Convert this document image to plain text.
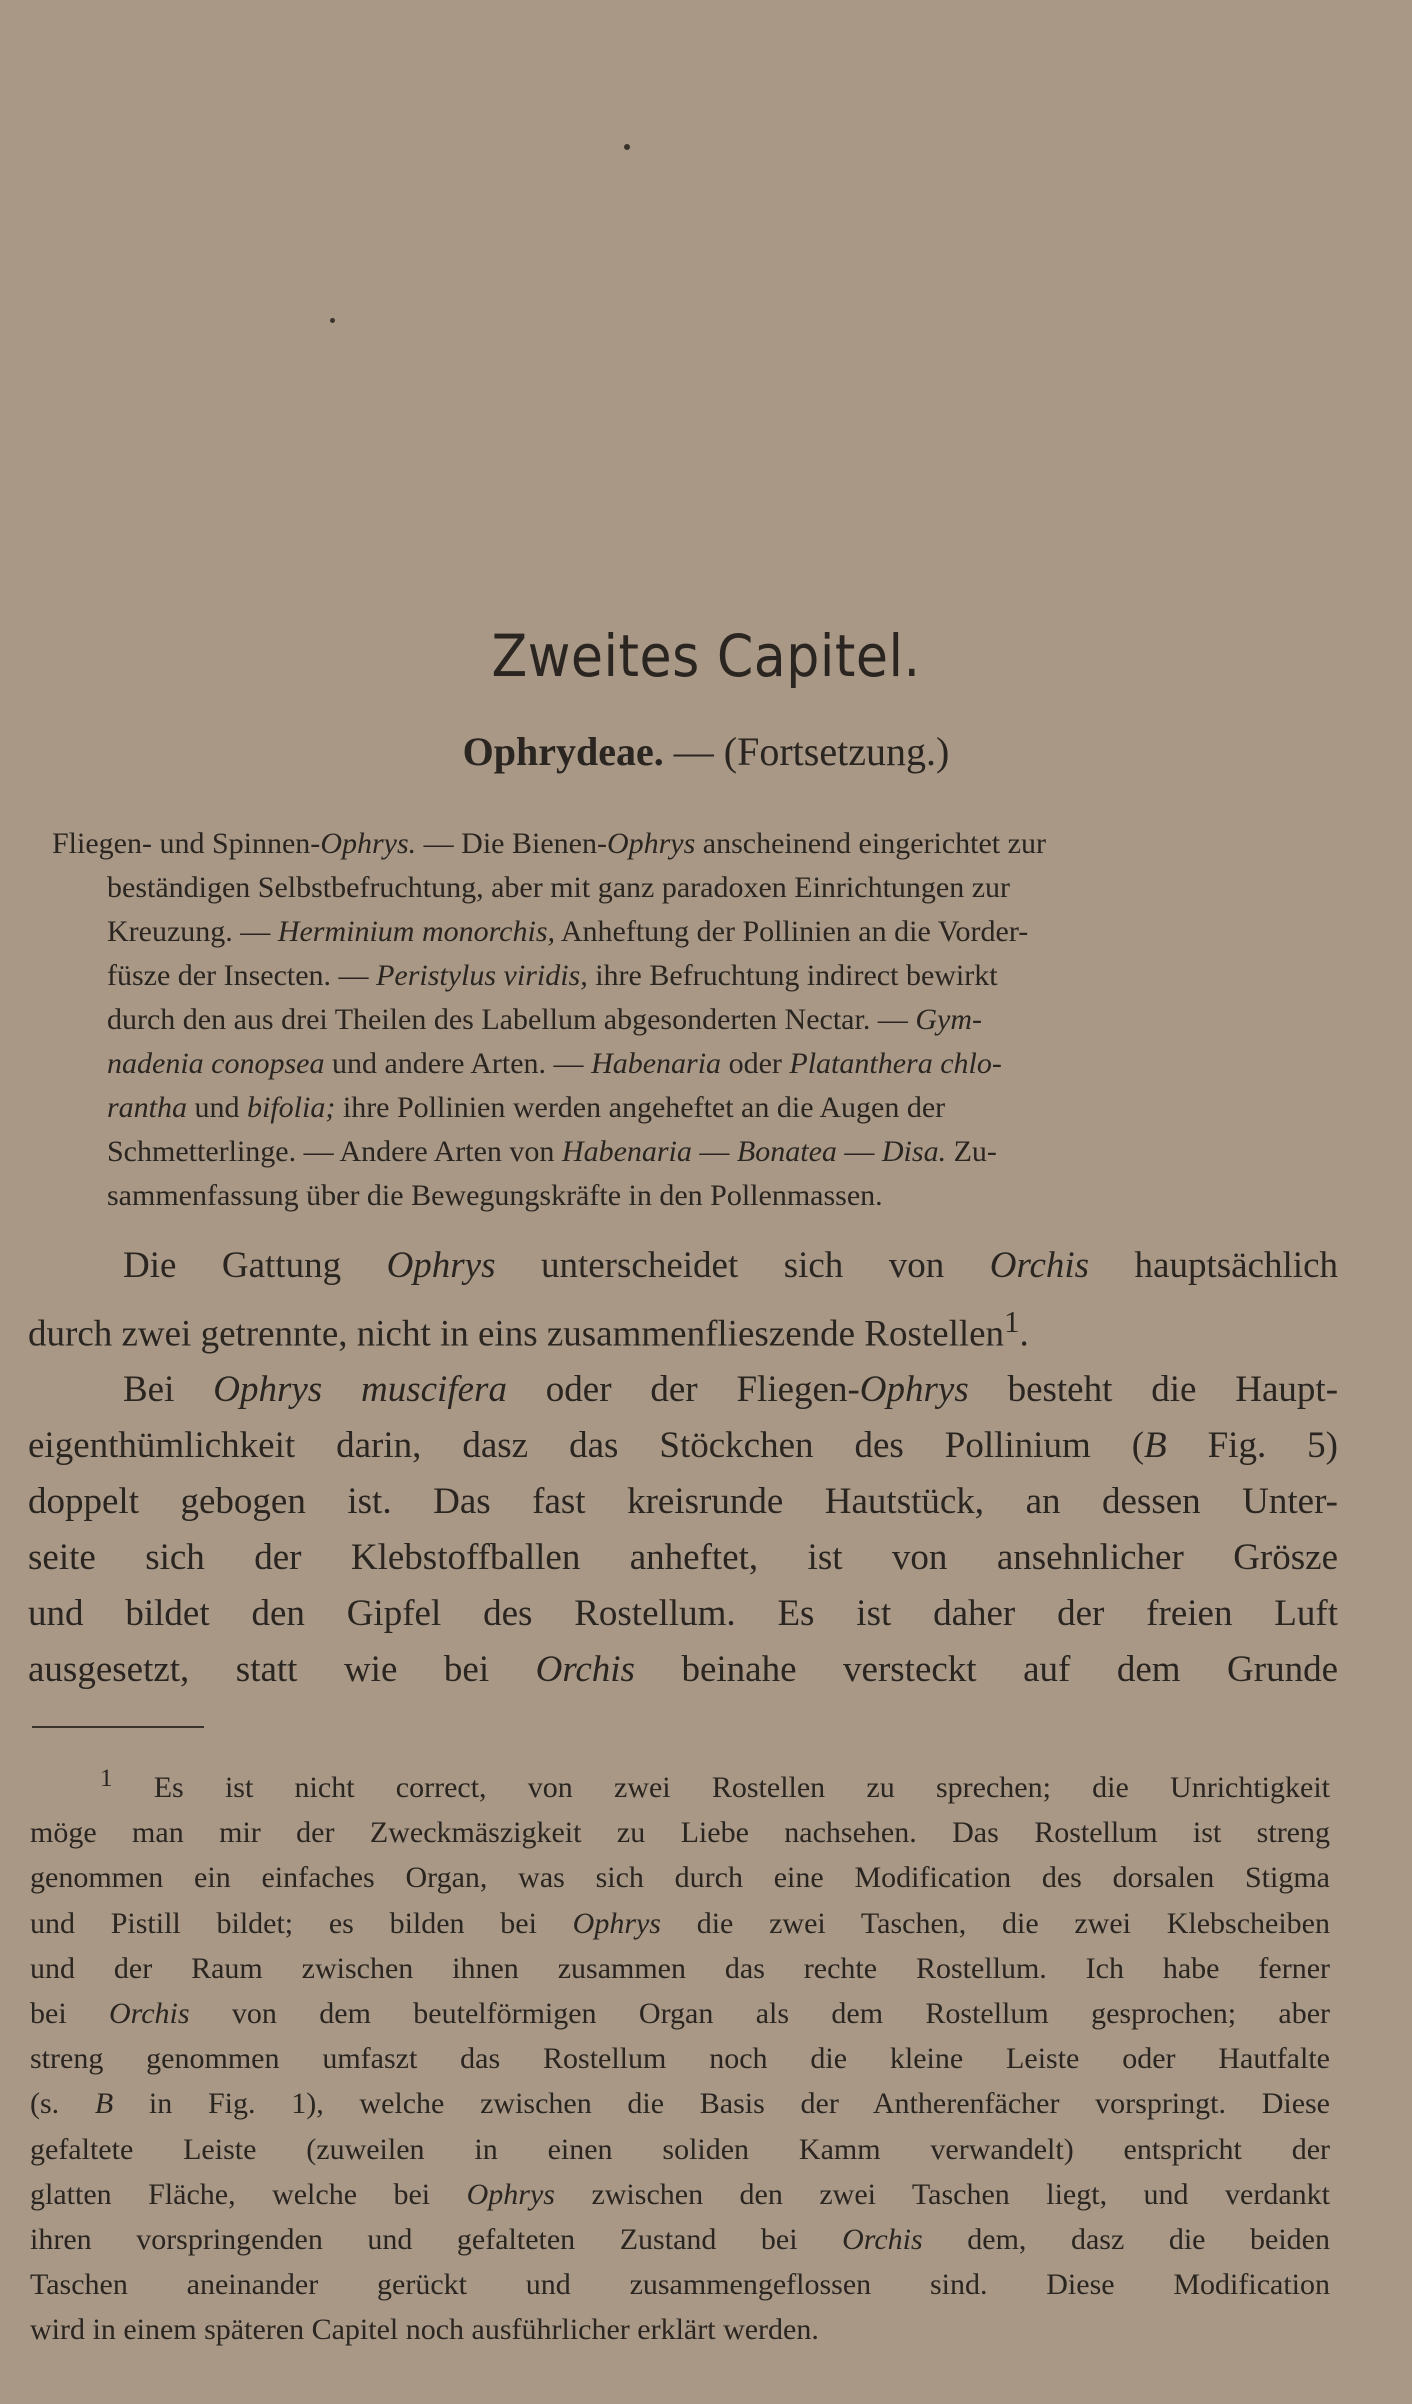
Zweites Capitel.
Ophrydeae. — (Fortsetzung.)
Fliegen- und Spinnen-Ophrys. — Die Bienen-Ophrys anscheinend eingerichtet zur
beständigen Selbstbefruchtung, aber mit ganz paradoxen Einrichtungen zur
Kreuzung. — Herminium monorchis, Anheftung der Pollinien an die Vorder-
füsze der Insecten. — Peristylus viridis, ihre Befruchtung indirect bewirkt
durch den aus drei Theilen des Labellum abgesonderten Nectar. — Gym-
nadenia conopsea und andere Arten. — Habenaria oder Platanthera chlo-
rantha und bifolia; ihre Pollinien werden angeheftet an die Augen der
Schmetterlinge. — Andere Arten von Habenaria — Bonatea — Disa. Zu-
sammenfassung über die Bewegungskräfte in den Pollenmassen.
Die Gattung Ophrys unterscheidet sich von Orchis hauptsächlich
durch zwei getrennte, nicht in eins zusammenflieszende Rostellen$^1$.
Bei Ophrys muscifera oder der Fliegen-Ophrys besteht die Haupt-
eigenthümlichkeit darin, dasz das Stöckchen des Pollinium (B Fig. 5)
doppelt gebogen ist. Das fast kreisrunde Hautstück, an dessen Unter-
seite sich der Klebstoffballen anheftet, ist von ansehnlicher Grösze
und bildet den Gipfel des Rostellum. Es ist daher der freien Luft
ausgesetzt, statt wie bei Orchis beinahe versteckt auf dem Grunde
$^1$ Es ist nicht correct, von zwei Rostellen zu sprechen; die Unrichtigkeit
möge man mir der Zweckmäszigkeit zu Liebe nachsehen. Das Rostellum ist streng
genommen ein einfaches Organ, was sich durch eine Modification des dorsalen Stigma
und Pistill bildet; es bilden bei Ophrys die zwei Taschen, die zwei Klebscheiben
und der Raum zwischen ihnen zusammen das rechte Rostellum. Ich habe ferner
bei Orchis von dem beutelförmigen Organ als dem Rostellum gesprochen; aber
streng genommen umfaszt das Rostellum noch die kleine Leiste oder Hautfalte
(s. B in Fig. 1), welche zwischen die Basis der Antherenfächer vorspringt. Diese
gefaltete Leiste (zuweilen in einen soliden Kamm verwandelt) entspricht der
glatten Fläche, welche bei Ophrys zwischen den zwei Taschen liegt, und verdankt
ihren vorspringenden und gefalteten Zustand bei Orchis dem, dasz die beiden
Taschen aneinander gerückt und zusammengeflossen sind. Diese Modification
wird in einem späteren Capitel noch ausführlicher erklärt werden.
